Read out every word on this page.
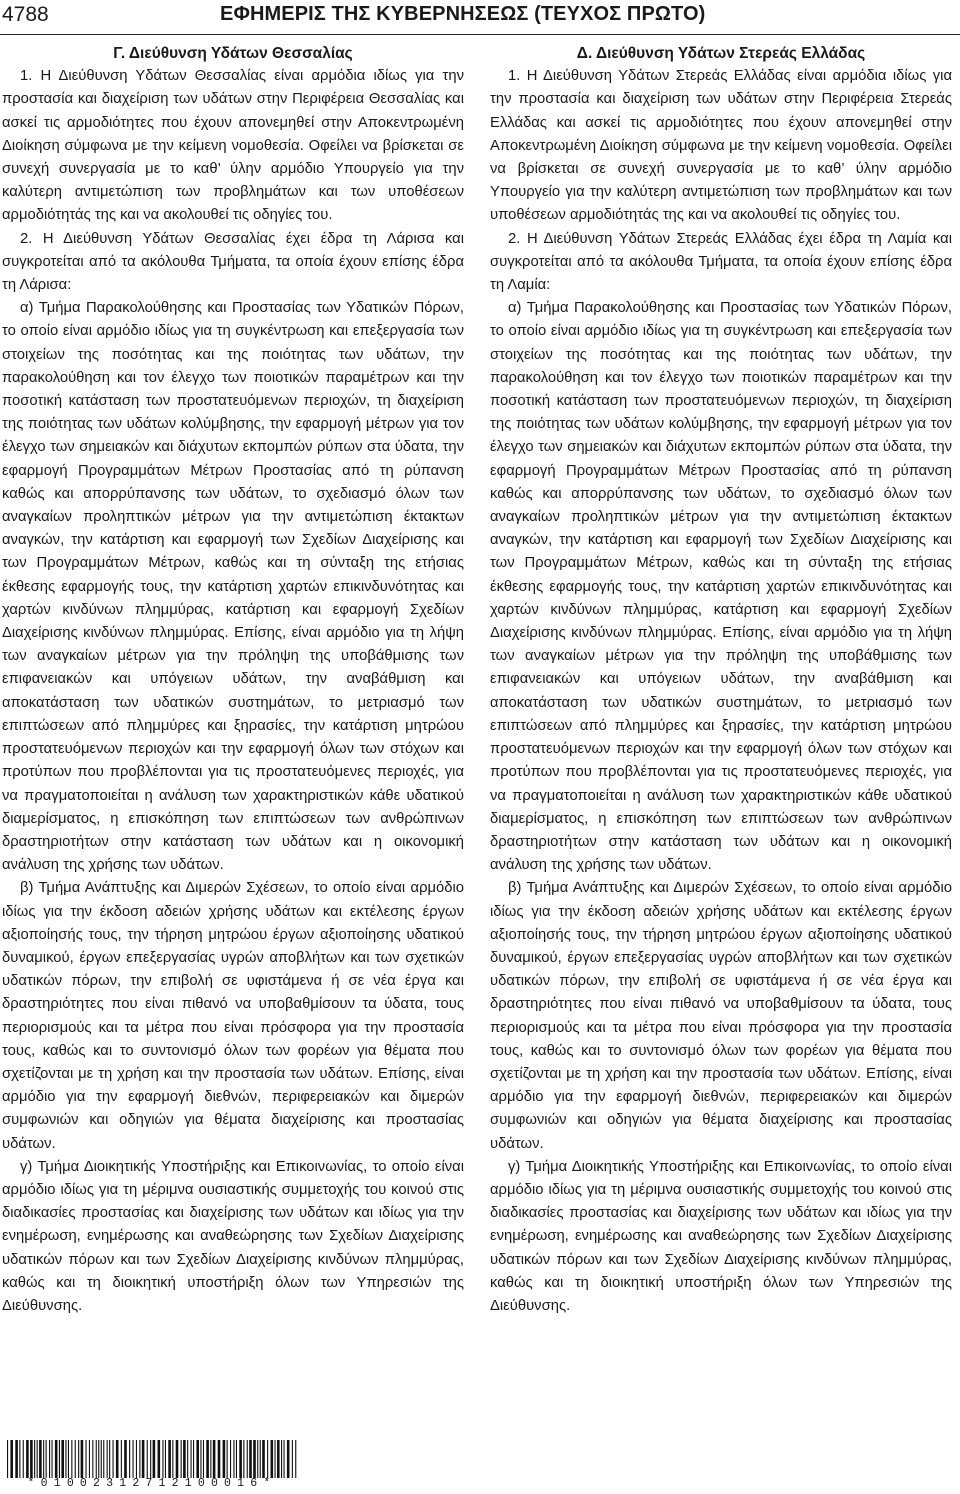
4788	ΕΦΗΜΕΡΙΣ ΤΗΣ ΚΥΒΕΡΝΗΣΕΩΣ (ΤΕΥΧΟΣ ΠΡΩΤΟ)

Γ. Διεύθυνση Υδάτων Θεσσαλίας

1. Η Διεύθυνση Υδάτων Θεσσαλίας είναι αρμόδια ιδίως για την προστασία και διαχείριση των υδάτων στην Περιφέρεια Θεσσαλίας και ασκεί τις αρμοδιότητες που έχουν απονεμηθεί στην Αποκεντρωμένη Διοίκηση σύμφωνα με την κείμενη νομοθεσία. Οφείλει να βρίσκεται σε συνεχή συνεργασία με το καθ’ ύλην αρμόδιο Υπουργείο για την καλύτερη αντιμετώπιση των προβλημάτων και των υποθέσεων αρμοδιότητάς της και να ακολουθεί τις οδηγίες του.

2. Η Διεύθυνση Υδάτων Θεσσαλίας έχει έδρα τη Λάρισα και συγκροτείται από τα ακόλουθα Τμήματα, τα οποία έχουν επίσης έδρα τη Λάρισα:

α) Τμήμα Παρακολούθησης και Προστασίας των Υδατικών Πόρων, το οποίο είναι αρμόδιο ιδίως για τη συγκέντρωση και επεξεργασία των στοιχείων της ποσότητας και της ποιότητας των υδάτων, την παρακολούθηση και τον έλεγχο των ποιοτικών παραμέτρων και την ποσοτική κατάσταση των προστατευόμενων περιοχών, τη διαχείριση της ποιότητας των υδάτων κολύμβησης, την εφαρμογή μέτρων για τον έλεγχο των σημειακών και διάχυτων εκπομπών ρύπων στα ύδατα, την εφαρμογή Προγραμμάτων Μέτρων Προστασίας από τη ρύπανση καθώς και απορρύπανσης των υδάτων, το σχεδιασμό όλων των αναγκαίων προληπτικών μέτρων για την αντιμετώπιση έκτακτων αναγκών, την κατάρτιση και εφαρμογή των Σχεδίων Διαχείρισης και των Προγραμμάτων Μέτρων, καθώς και τη σύνταξη της ετήσιας έκθεσης εφαρμογής τους, την κατάρτιση χαρτών επικινδυνότητας και χαρτών κινδύνων πλημμύρας, κατάρτιση και εφαρμογή Σχεδίων Διαχείρισης κινδύνων πλημμύρας. Επίσης, είναι αρμόδιο για τη λήψη των αναγκαίων μέτρων για την πρόληψη της υποβάθμισης των επιφανειακών και υπόγειων υδάτων, την αναβάθμιση και αποκατάσταση των υδατικών συστημάτων, το μετριασμό των επιπτώσεων από πλημμύρες και ξηρασίες, την κατάρτιση μητρώου προστατευόμενων περιοχών και την εφαρμογή όλων των στόχων και προτύπων που προβλέπονται για τις προστατευόμενες περιοχές, για να πραγματοποιείται η ανάλυση των χαρακτηριστικών κάθε υδατικού διαμερίσματος, η επισκόπηση των επιπτώσεων των ανθρώπινων δραστηριοτήτων στην κατάσταση των υδάτων και η οικονομική ανάλυση της χρήσης των υδάτων.

β) Τμήμα Ανάπτυξης και Διμερών Σχέσεων, το οποίο είναι αρμόδιο ιδίως για την έκδοση αδειών χρήσης υδάτων και εκτέλεσης έργων αξιοποίησής τους, την τήρηση μητρώου έργων αξιοποίησης υδατικού δυναμικού, έργων επεξεργασίας υγρών αποβλήτων και των σχετικών υδατικών πόρων, την επιβολή σε υφιστάμενα ή σε νέα έργα και δραστηριότητες που είναι πιθανό να υποβαθμίσουν τα ύδατα, τους περιορισμούς και τα μέτρα που είναι πρόσφορα για την προστασία τους, καθώς και το συντονισμό όλων των φορέων για θέματα που σχετίζονται με τη χρήση και την προστασία των υδάτων. Επίσης, είναι αρμόδιο για την εφαρμογή διεθνών, περιφερειακών και διμερών συμφωνιών και οδηγιών για θέματα διαχείρισης και προστασίας υδάτων.

γ) Τμήμα Διοικητικής Υποστήριξης και Επικοινωνίας, το οποίο είναι αρμόδιο ιδίως για τη μέριμνα ουσιαστικής συμμετοχής του κοινού στις διαδικασίες προστασίας και διαχείρισης των υδάτων και ιδίως για την ενημέρωση, ενημέρωσης και αναθεώρησης των Σχεδίων Διαχείρισης υδατικών πόρων και των Σχεδίων Διαχείρισης κινδύνων πλημμύρας, καθώς και τη διοικητική υποστήριξη όλων των Υπηρεσιών της Διεύθυνσης.

Δ. Διεύθυνση Υδάτων Στερεάς Ελλάδας

1. Η Διεύθυνση Υδάτων Στερεάς Ελλάδας είναι αρμόδια ιδίως για την προστασία και διαχείριση των υδάτων στην Περιφέρεια Στερεάς Ελλάδας και ασκεί τις αρμοδιότητες που έχουν απονεμηθεί στην Αποκεντρωμένη Διοίκηση σύμφωνα με την κείμενη νομοθεσία. Οφείλει να βρίσκεται σε συνεχή συνεργασία με το καθ’ ύλην αρμόδιο Υπουργείο για την καλύτερη αντιμετώπιση των προβλημάτων και των υποθέσεων αρμοδιότητάς της και να ακολουθεί τις οδηγίες του.

2. Η Διεύθυνση Υδάτων Στερεάς Ελλάδας έχει έδρα τη Λαμία και συγκροτείται από τα ακόλουθα Τμήματα, τα οποία έχουν επίσης έδρα τη Λαμία:

α) Τμήμα Παρακολούθησης και Προστασίας των Υδατικών Πόρων, το οποίο είναι αρμόδιο ιδίως για τη συγκέντρωση και επεξεργασία των στοιχείων της ποσότητας και της ποιότητας των υδάτων, την παρακολούθηση και τον έλεγχο των ποιοτικών παραμέτρων και την ποσοτική κατάσταση των προστατευόμενων περιοχών, τη διαχείριση της ποιότητας των υδάτων κολύμβησης, την εφαρμογή μέτρων για τον έλεγχο των σημειακών και διάχυτων εκπομπών ρύπων στα ύδατα, την εφαρμογή Προγραμμάτων Μέτρων Προστασίας από τη ρύπανση καθώς και απορρύπανσης των υδάτων, το σχεδιασμό όλων των αναγκαίων προληπτικών μέτρων για την αντιμετώπιση έκτακτων αναγκών, την κατάρτιση και εφαρμογή των Σχεδίων Διαχείρισης και των Προγραμμάτων Μέτρων, καθώς και τη σύνταξη της ετήσιας έκθεσης εφαρμογής τους, την κατάρτιση χαρτών επικινδυνότητας και χαρτών κινδύνων πλημμύρας, κατάρτιση και εφαρμογή Σχεδίων Διαχείρισης κινδύνων πλημμύρας. Επίσης, είναι αρμόδιο για τη λήψη των αναγκαίων μέτρων για την πρόληψη της υποβάθμισης των επιφανειακών και υπόγειων υδάτων, την αναβάθμιση και αποκατάσταση των υδατικών συστημάτων, το μετριασμό των επιπτώσεων από πλημμύρες και ξηρασίες, την κατάρτιση μητρώου προστατευόμενων περιοχών και την εφαρμογή όλων των στόχων και προτύπων που προβλέπονται για τις προστατευόμενες περιοχές, για να πραγματοποιείται η ανάλυση των χαρακτηριστικών κάθε υδατικού διαμερίσματος, η επισκόπηση των επιπτώσεων των ανθρώπινων δραστηριοτήτων στην κατάσταση των υδάτων και η οικονομική ανάλυση της χρήσης των υδάτων.

β) Τμήμα Ανάπτυξης και Διμερών Σχέσεων, το οποίο είναι αρμόδιο ιδίως για την έκδοση αδειών χρήσης υδάτων και εκτέλεσης έργων αξιοποίησής τους, την τήρηση μητρώου έργων αξιοποίησης υδατικού δυναμικού, έργων επεξεργασίας υγρών αποβλήτων και των σχετικών υδατικών πόρων, την επιβολή σε υφιστάμενα ή σε νέα έργα και δραστηριότητες που είναι πιθανό να υποβαθμίσουν τα ύδατα, τους περιορισμούς και τα μέτρα που είναι πρόσφορα για την προστασία τους, καθώς και το συντονισμό όλων των φορέων για θέματα που σχετίζονται με τη χρήση και την προστασία των υδάτων. Επίσης, είναι αρμόδιο για την εφαρμογή διεθνών, περιφερειακών και διμερών συμφωνιών και οδηγιών για θέματα διαχείρισης και προστασίας υδάτων.

γ) Τμήμα Διοικητικής Υποστήριξης και Επικοινωνίας, το οποίο είναι αρμόδιο ιδίως για τη μέριμνα ουσιαστικής συμμετοχής του κοινού στις διαδικασίες προστασίας και διαχείρισης των υδάτων και ιδίως για την ενημέρωση, ενημέρωσης και αναθεώρησης των Σχεδίων Διαχείρισης υδατικών πόρων και των Σχεδίων Διαχείρισης κινδύνων πλημμύρας, καθώς και τη διοικητική υποστήριξη όλων των Υπηρεσιών της Διεύθυνσης.

*01002312712100016*
